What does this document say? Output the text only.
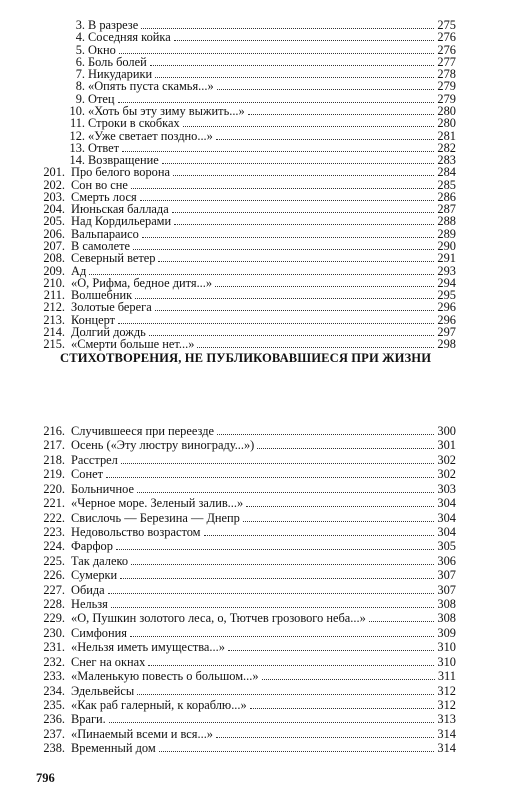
3. В разрезе	275
4. Соседняя койка	276
5. Окно	276
6. Боль болей	277
7. Никударики	278
8. «Опять пуста скамья...»	279
9. Отец	279
10. «Хоть бы эту зиму выжить...»	280
11. Строки в скобках	280
12. «Уже светает поздно...»	281
13. Ответ	282
14. Возвращение	283
201. Про белого ворона	284
202. Сон во сне	285
203. Смерть лося	286
204. Июньская баллада	287
205. Над Кордильерами	288
206. Вальпараисо	289
207. В самолете	290
208. Северный ветер	291
209. Ад	293
210. «О, Рифма, бедное дитя...»	294
211. Волшебник	295
212. Золотые берега	296
213. Концерт	296
214. Долгий дождь	297
215. «Смерти больше нет...»	298
СТИХОТВОРЕНИЯ, НЕ ПУБЛИКОВАВШИЕСЯ ПРИ ЖИЗНИ
216. Случившееся при переезде	300
217. Осень («Эту люстру винограду...»)	301
218. Расстрел	302
219. Сонет	302
220. Больничное	303
221. «Черное море. Зеленый залив...»	304
222. Свислочь — Березина — Днепр	304
223. Недовольство возрастом	304
224. Фарфор	305
225. Так далеко	306
226. Сумерки	307
227. Обида	307
228. Нельзя	308
229. «О, Пушкин золотого леса, о, Тютчев грозового неба...»	308
230. Симфония	309
231. «Нельзя иметь имущества...»	310
232. Снег на окнах	310
233. «Маленькую повесть о большом...»	311
234. Эдельвейсы	312
235. «Как раб галерный, к кораблю...»	312
236. Враги.	313
237. «Пинаемый всеми и вся...»	314
238. Временный дом	314
796
